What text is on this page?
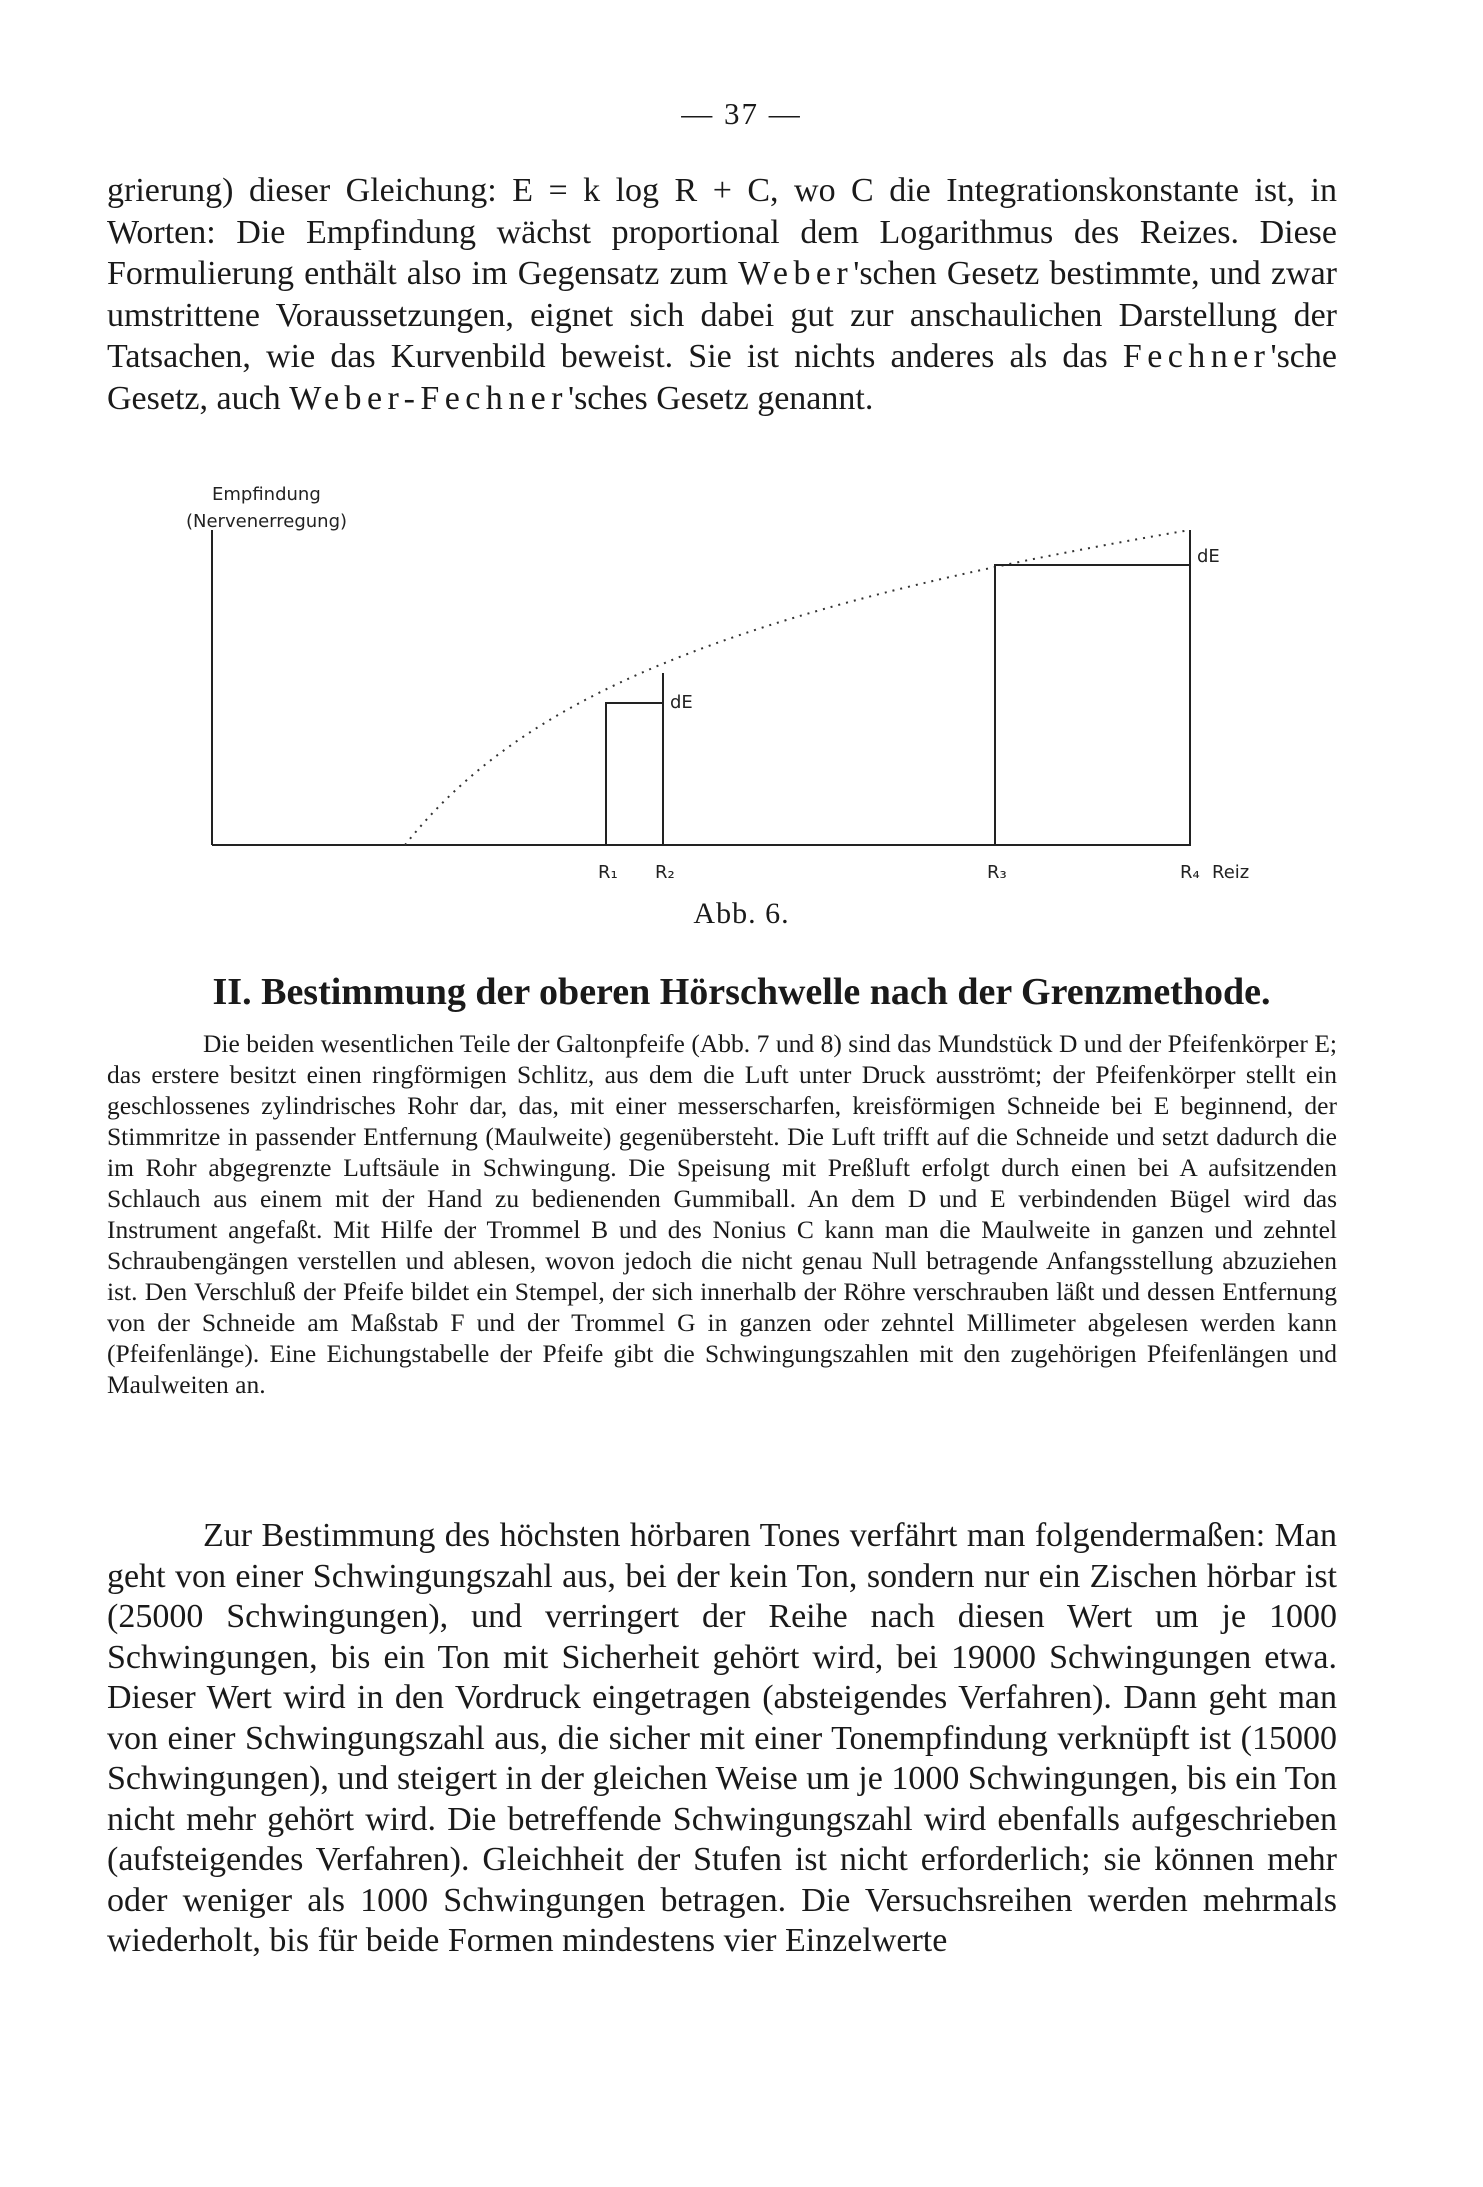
— 37 —

grierung) dieser Gleichung: E = k log R + C, wo C die Integrationskonstante ist, in Worten: Die Empfindung wächst proportional dem Logarithmus des Reizes. Diese Formulierung enthält also im Gegensatz zum Weber'schen Gesetz bestimmte, und zwar umstrittene Voraussetzungen, eignet sich dabei gut zur anschaulichen Darstellung der Tatsachen, wie das Kurvenbild beweist. Sie ist nichts anderes als das Fechner'sche Gesetz, auch Weber-Fechner'sches Gesetz genannt.

Empfindung
(Nervenerregung)
dE
dE
R₁ R₂	R₃	R₄ Reiz
Abb. 6.
II. Bestimmung der oberen Hörschwelle nach der Grenzmethode.

Die beiden wesentlichen Teile der Galtonpfeife (Abb. 7 und 8) sind das Mundstück D und der Pfeifenkörper E; das erstere besitzt einen ringförmigen Schlitz, aus dem die Luft unter Druck ausströmt; der Pfeifenkörper stellt ein geschlossenes zylindrisches Rohr dar, das, mit einer messerscharfen, kreisförmigen Schneide bei E beginnend, der Stimmritze in passender Entfernung (Maulweite) gegenübersteht. Die Luft trifft auf die Schneide und setzt dadurch die im Rohr abgegrenzte Luftsäule in Schwingung. Die Speisung mit Preßluft erfolgt durch einen bei A aufsitzenden Schlauch aus einem mit der Hand zu bedienenden Gummiball. An dem D und E verbindenden Bügel wird das Instrument angefaßt. Mit Hilfe der Trommel B und des Nonius C kann man die Maulweite in ganzen und zehntel Schraubengängen verstellen und ablesen, wovon jedoch die nicht genau Null betragende Anfangsstellung abzuziehen ist. Den Verschluß der Pfeife bildet ein Stempel, der sich innerhalb der Röhre verschrauben läßt und dessen Entfernung von der Schneide am Maßstab F und der Trommel G in ganzen oder zehntel Millimeter abgelesen werden kann (Pfeifenlänge). Eine Eichungstabelle der Pfeife gibt die Schwingungszahlen mit den zugehörigen Pfeifenlängen und Maulweiten an.

Zur Bestimmung des höchsten hörbaren Tones verfährt man folgendermaßen: Man geht von einer Schwingungszahl aus, bei der kein Ton, sondern nur ein Zischen hörbar ist (25000 Schwingungen), und verringert der Reihe nach diesen Wert um je 1000 Schwingungen, bis ein Ton mit Sicherheit gehört wird, bei 19000 Schwingungen etwa. Dieser Wert wird in den Vordruck eingetragen (absteigendes Verfahren). Dann geht man von einer Schwingungszahl aus, die sicher mit einer Tonempfindung verknüpft ist (15000 Schwingungen), und steigert in der gleichen Weise um je 1000 Schwingungen, bis ein Ton nicht mehr gehört wird. Die betreffende Schwingungszahl wird ebenfalls aufgeschrieben (aufsteigendes Verfahren). Gleichheit der Stufen ist nicht erforderlich; sie können mehr oder weniger als 1000 Schwingungen betragen. Die Versuchsreihen werden mehrmals wiederholt, bis für beide Formen mindestens vier Einzelwerte
